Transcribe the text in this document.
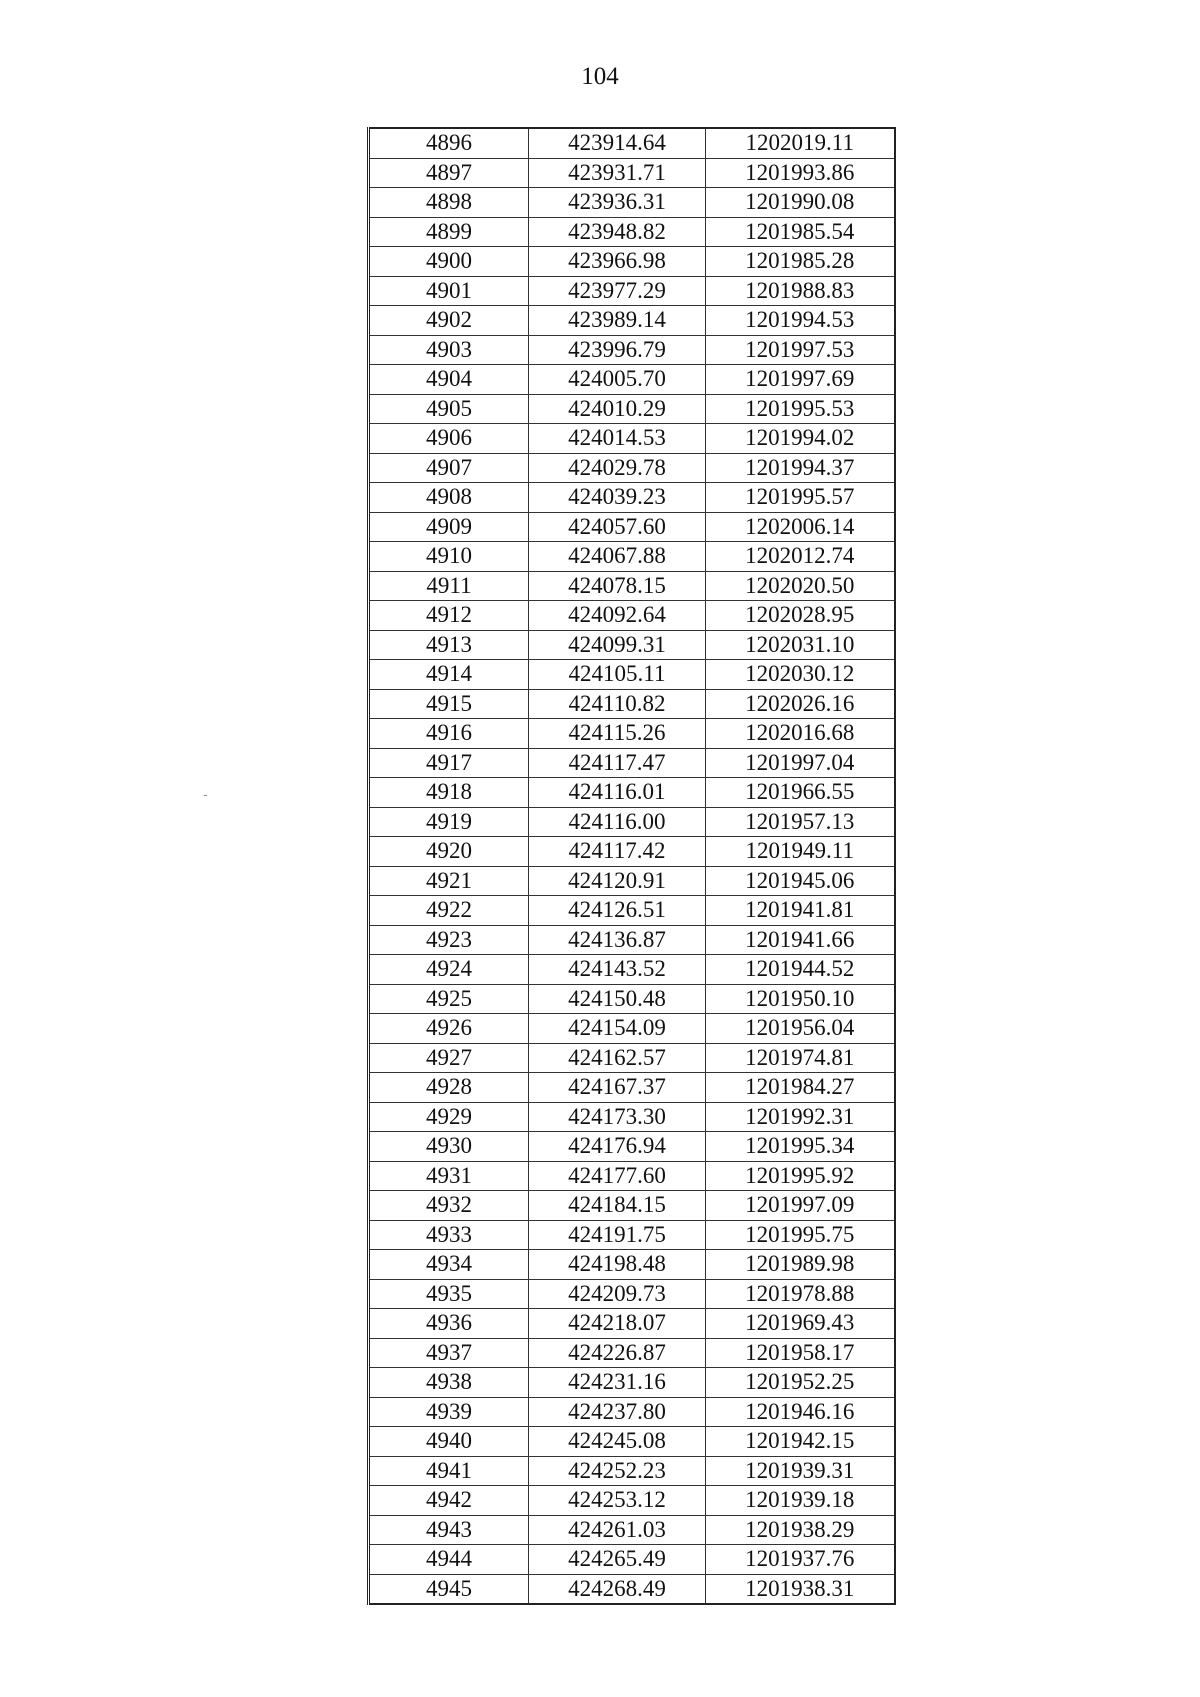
104
4896	423914.64	1202019.11
4897	423931.71	1201993.86
4898	423936.31	1201990.08
4899	423948.82	1201985.54
4900	423966.98	1201985.28
4901	423977.29	1201988.83
4902	423989.14	1201994.53
4903	423996.79	1201997.53
4904	424005.70	1201997.69
4905	424010.29	1201995.53
4906	424014.53	1201994.02
4907	424029.78	1201994.37
4908	424039.23	1201995.57
4909	424057.60	1202006.14
4910	424067.88	1202012.74
4911	424078.15	1202020.50
4912	424092.64	1202028.95
4913	424099.31	1202031.10
4914	424105.11	1202030.12
4915	424110.82	1202026.16
4916	424115.26	1202016.68
4917	424117.47	1201997.04
4918	424116.01	1201966.55
4919	424116.00	1201957.13
4920	424117.42	1201949.11
4921	424120.91	1201945.06
4922	424126.51	1201941.81
4923	424136.87	1201941.66
4924	424143.52	1201944.52
4925	424150.48	1201950.10
4926	424154.09	1201956.04
4927	424162.57	1201974.81
4928	424167.37	1201984.27
4929	424173.30	1201992.31
4930	424176.94	1201995.34
4931	424177.60	1201995.92
4932	424184.15	1201997.09
4933	424191.75	1201995.75
4934	424198.48	1201989.98
4935	424209.73	1201978.88
4936	424218.07	1201969.43
4937	424226.87	1201958.17
4938	424231.16	1201952.25
4939	424237.80	1201946.16
4940	424245.08	1201942.15
4941	424252.23	1201939.31
4942	424253.12	1201939.18
4943	424261.03	1201938.29
4944	424265.49	1201937.76
4945	424268.49	1201938.31
